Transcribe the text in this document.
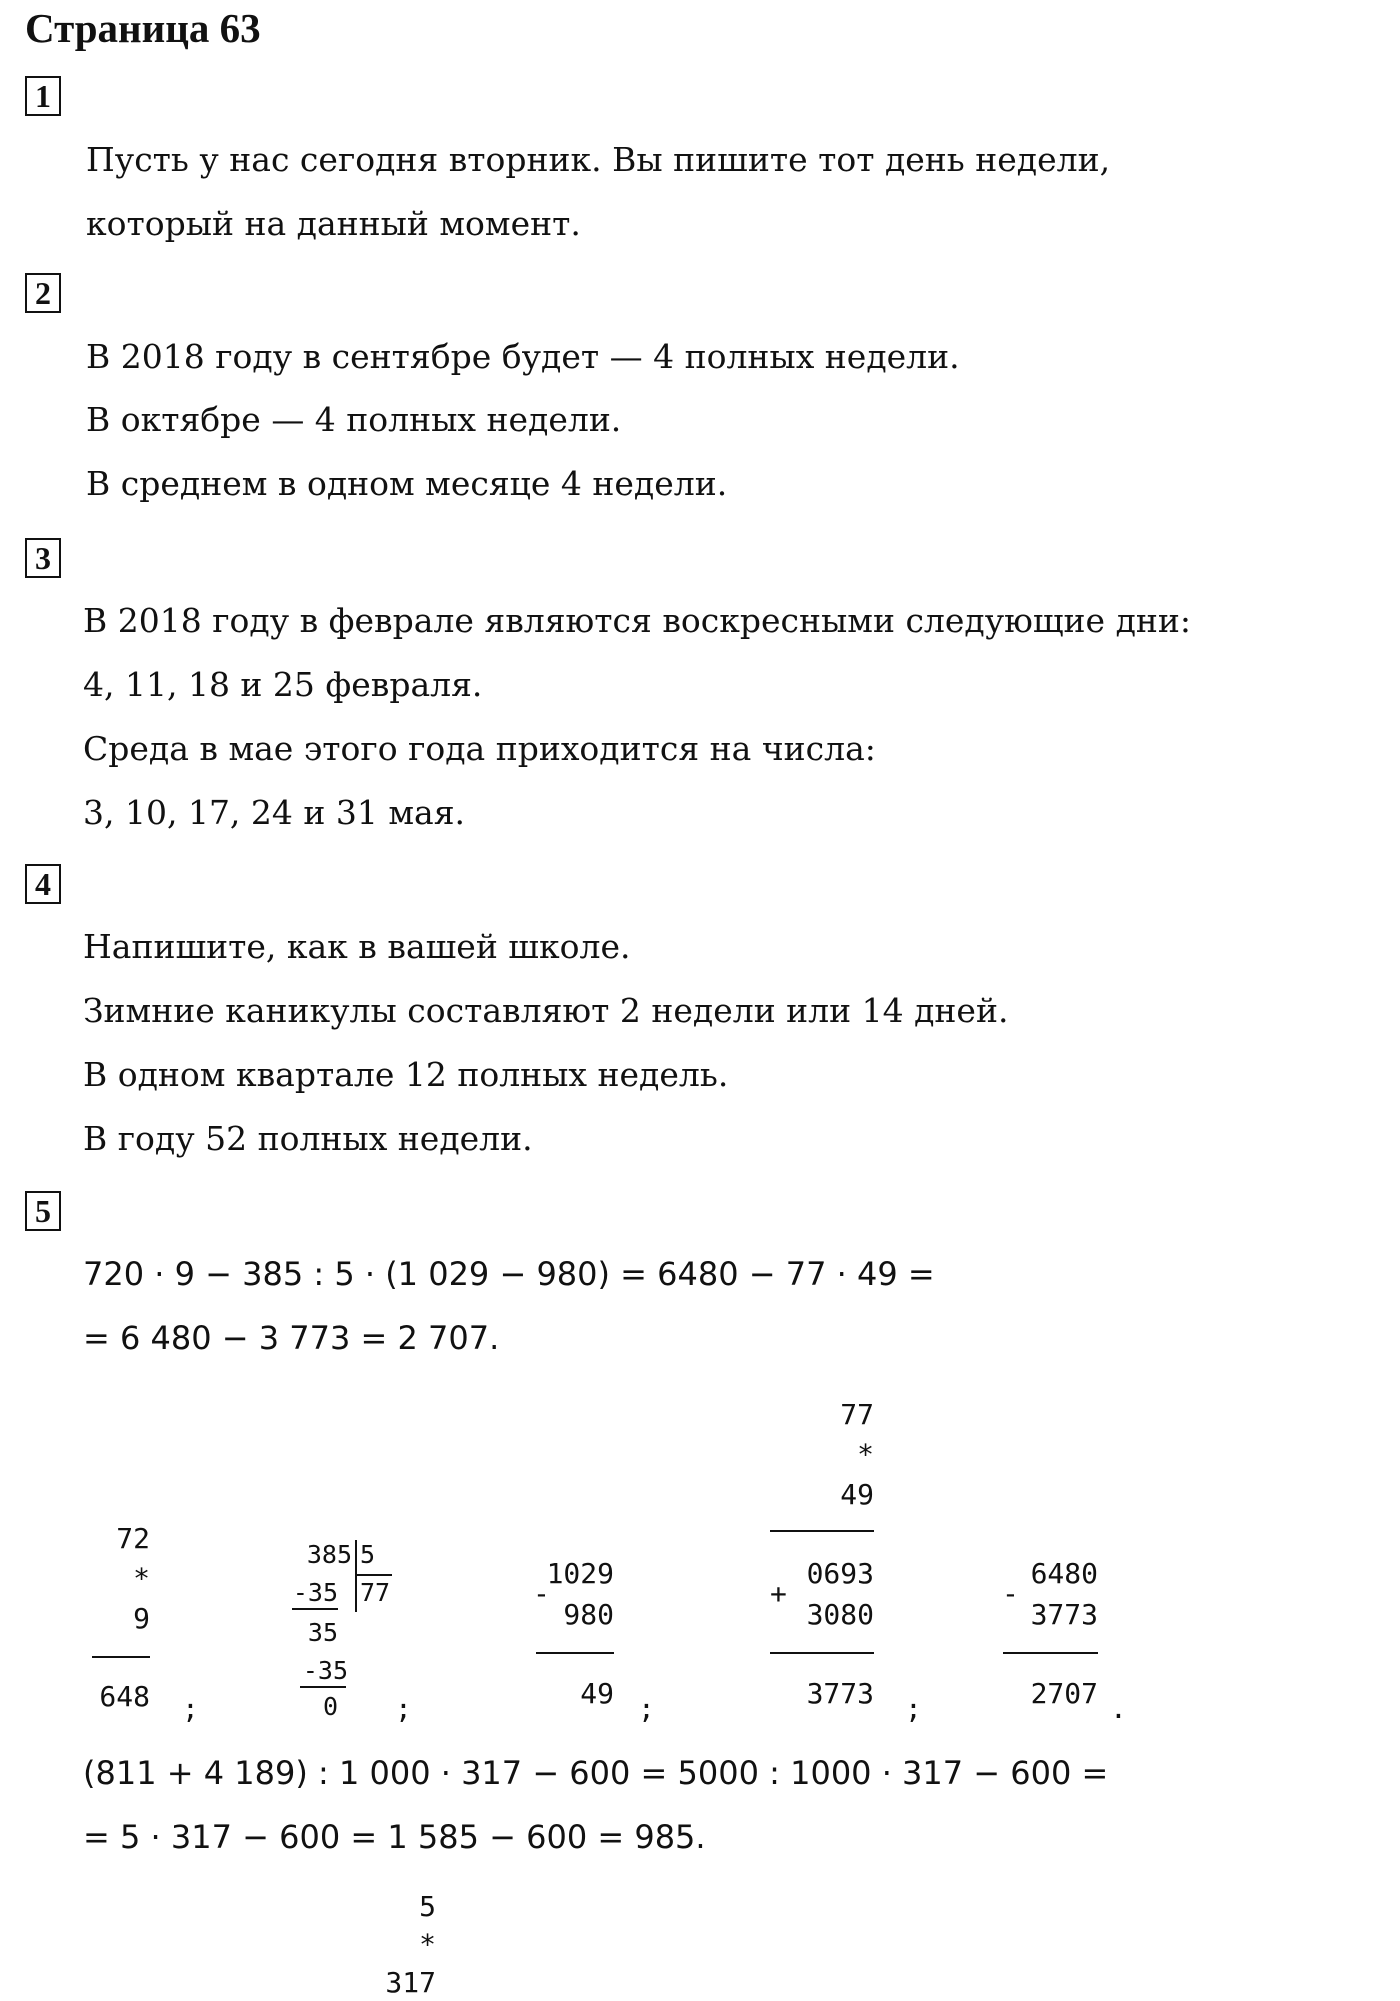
Страница 63
1
Пусть у нас сегодня вторник. Вы пишите тот день недели,
который на данный момент.
2
В 2018 году в сентябре будет — 4 полных недели.
В октябре — 4 полных недели.
В среднем в одном месяце 4 недели.
3
В 2018 году в феврале являются воскресными следующие дни:
4, 11, 18 и 25 февраля.
Среда в мае этого года приходится на числа:
3, 10, 17, 24 и 31 мая.
4
Напишите, как в вашей школе.
Зимние каникулы составляют 2 недели или 14 дней.
В одном квартале 12 полных недель.
В году 52 полных недели.
5
720 · 9 − 385 : 5 · (1 029 − 980) = 6480 − 77 · 49 =
= 6 480 − 3 773 = 2 707.
72
*
9
648 ;
385 5
77
-35
35
-35
0 ;
1029
-
980
49 ;
77
*
49
0693
+
3080
3773 ;
6480
-
3773
2707 .
(811 + 4 189) : 1 000 · 317 − 600 = 5000 : 1000 · 317 − 600 =
= 5 · 317 − 600 = 1 585 − 600 = 985.
5
*
317
